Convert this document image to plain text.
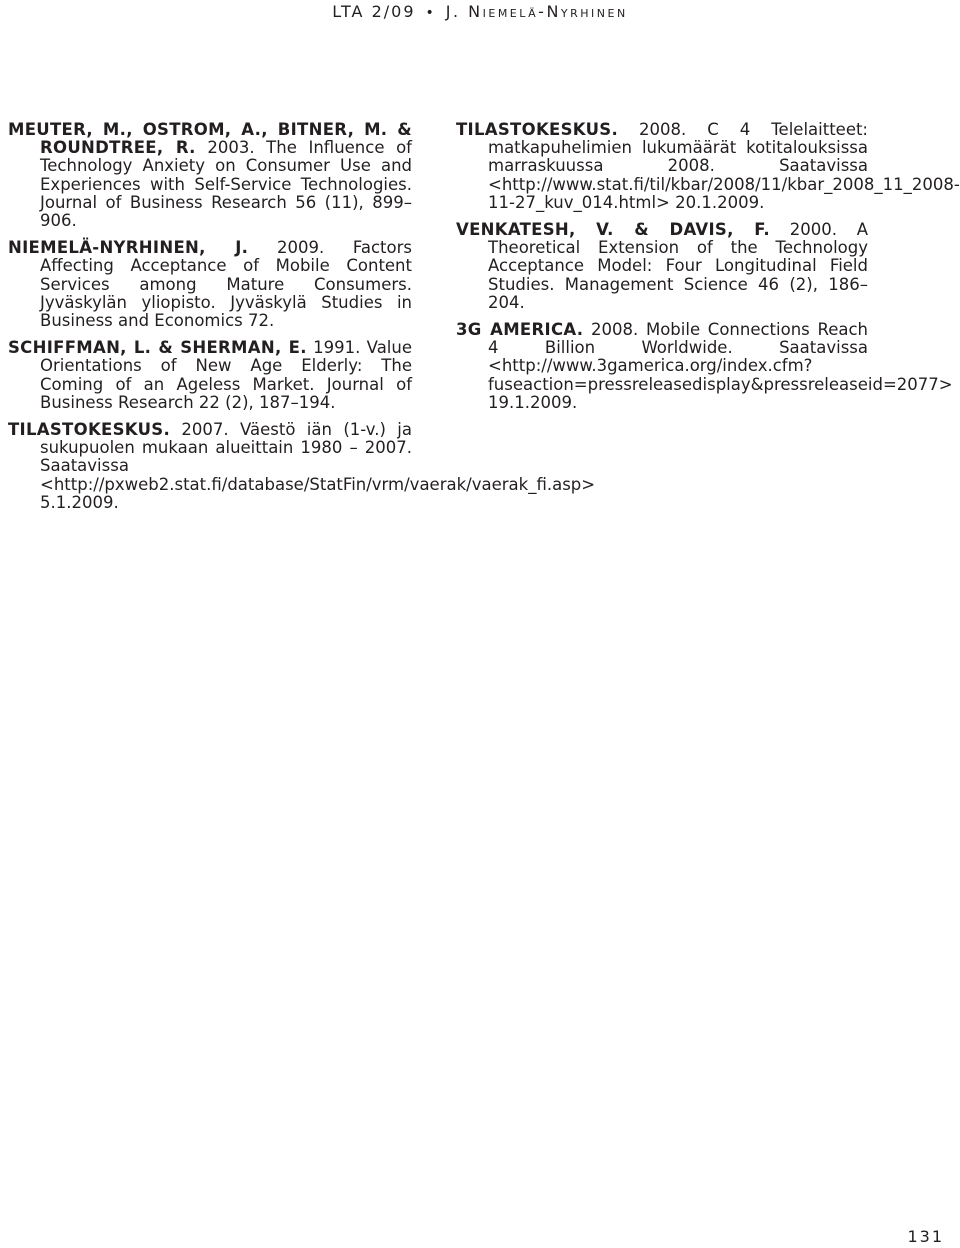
LTA 2/09 • J. Niemelä-Nyrhinen

MEUTER, M., OSTROM, A., BITNER, M. & ROUNDTREE, R. 2003. The Influence of Technology Anxiety on Consumer Use and Experiences with Self-Service Technologies. Journal of Business Research 56 (11), 899–906.

NIEMELÄ-NYRHINEN, J. 2009. Factors Affecting Acceptance of Mobile Content Services among Mature Consumers. Jyväskylän yliopisto. Jyväskylä Studies in Business and Economics 72.

SCHIFFMAN, L. & SHERMAN, E. 1991. Value Orientations of New Age Elderly: The Coming of an Ageless Market. Journal of Business Research 22 (2), 187–194.

TILASTOKESKUS. 2007. Väestö iän (1-v.) ja sukupuolen mukaan alueittain 1980 – 2007. Saatavissa <http://pxweb2.stat.fi/database/StatFin/vrm/vaerak/vaerak_fi.asp> 5.1.2009.

TILASTOKESKUS. 2008. C 4 Telelaitteet: matkapuhelimien lukumäärät kotitalouksissa marraskuussa 2008. Saatavissa <http://www.stat.fi/til/kbar/2008/11/kbar_2008_11_2008-11-27_kuv_014.html> 20.1.2009.

VENKATESH, V. & DAVIS, F. 2000. A Theoretical Extension of the Technology Acceptance Model: Four Longitudinal Field Studies. Management Science 46 (2), 186–204.

3G AMERICA. 2008. Mobile Connections Reach 4 Billion Worldwide. Saatavissa <http://www.3gamerica.org/index.cfm?fuseaction=pressreleasedisplay&pressreleaseid=2077> 19.1.2009.

131
